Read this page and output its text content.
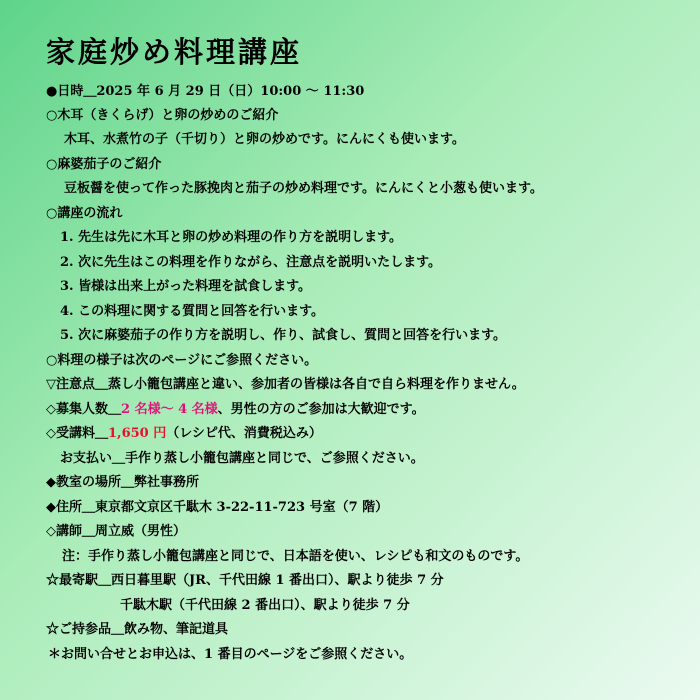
家庭炒め料理講座
●日時＿2025 年 6 月 29 日（日）10:00 ～ 11:30
○木耳（きくらげ）と卵の炒めのご紹介
木耳、水煮竹の子（千切り）と卵の炒めです。にんにくも使います。
○麻婆茄子のご紹介
豆板醤を使って作った豚挽肉と茄子の炒め料理です。にんにくと小葱も使います。
○講座の流れ
1. 先生は先に木耳と卵の炒め料理の作り方を説明します。
2. 次に先生はこの料理を作りながら、注意点を説明いたします。
3. 皆様は出来上がった料理を試食します。
4. この料理に関する質問と回答を行います。
5. 次に麻婆茄子の作り方を説明し、作り、試食し、質問と回答を行います。
○料理の様子は次のページにご参照ください。
▽注意点＿蒸し小籠包講座と違い、参加者の皆様は各自で自ら料理を作りません。
◇募集人数＿2 名様～ 4 名様、男性の方のご参加は大歓迎です。
◇受講料＿1,650 円（レシピ代、消費税込み）
お支払い＿手作り蒸し小籠包講座と同じで、ご参照ください。
◆教室の場所＿弊社事務所
◆住所＿東京都文京区千駄木 3-22-11-723 号室（7 階）
◇講師＿周立威（男性）
注：手作り蒸し小籠包講座と同じで、日本語を使い、レシピも和文のものです。
☆最寄駅＿西日暮里駅（JR、千代田線 1 番出口）、駅より徒歩 7 分
千駄木駅（千代田線 2 番出口）、駅より徒歩 7 分
☆ご持参品＿飲み物、筆記道具
＊お問い合せとお申込は、1 番目のページをご参照ください。
